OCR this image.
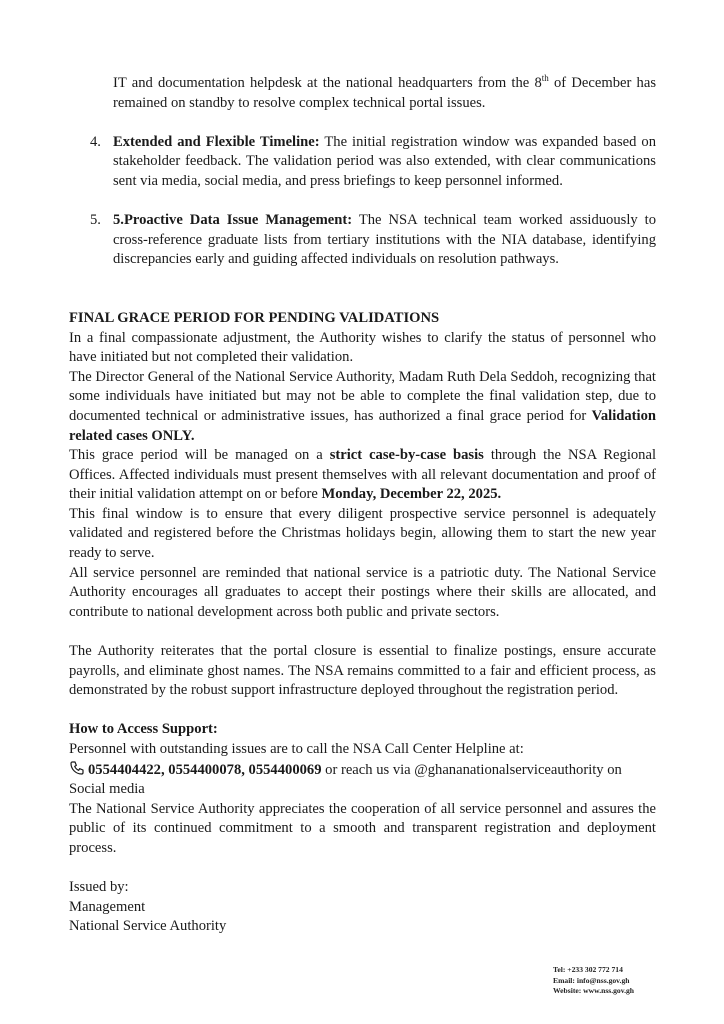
IT and documentation helpdesk at the national headquarters from the 8th of December has remained on standby to resolve complex technical portal issues.

4. Extended and Flexible Timeline: The initial registration window was expanded based on stakeholder feedback. The validation period was also extended, with clear communications sent via media, social media, and press briefings to keep personnel informed.

5. 5.Proactive Data Issue Management: The NSA technical team worked assiduously to cross-reference graduate lists from tertiary institutions with the NIA database, identifying discrepancies early and guiding affected individuals on resolution pathways.

FINAL GRACE PERIOD FOR PENDING VALIDATIONS

In a final compassionate adjustment, the Authority wishes to clarify the status of personnel who have initiated but not completed their validation.

The Director General of the National Service Authority, Madam Ruth Dela Seddoh, recognizing that some individuals have initiated but may not be able to complete the final validation step, due to documented technical or administrative issues, has authorized a final grace period for Validation related cases ONLY.

This grace period will be managed on a strict case-by-case basis through the NSA Regional Offices. Affected individuals must present themselves with all relevant documentation and proof of their initial validation attempt on or before Monday, December 22, 2025.

This final window is to ensure that every diligent prospective service personnel is adequately validated and registered before the Christmas holidays begin, allowing them to start the new year ready to serve.

All service personnel are reminded that national service is a patriotic duty. The National Service Authority encourages all graduates to accept their postings where their skills are allocated, and contribute to national development across both public and private sectors.

The Authority reiterates that the portal closure is essential to finalize postings, ensure accurate payrolls, and eliminate ghost names. The NSA remains committed to a fair and efficient process, as demonstrated by the robust support infrastructure deployed throughout the registration period.

How to Access Support:

Personnel with outstanding issues are to call the NSA Call Center Helpline at:

0554404422, 0554400078, 0554400069 or reach us via @ghananationalserviceauthority on Social media

The National Service Authority appreciates the cooperation of all service personnel and assures the public of its continued commitment to a smooth and transparent registration and deployment process.

Issued by:

Management

National Service Authority

Tel: +233 302 772 714
Email: info@nss.gov.gh
Website: www.nss.gov.gh
